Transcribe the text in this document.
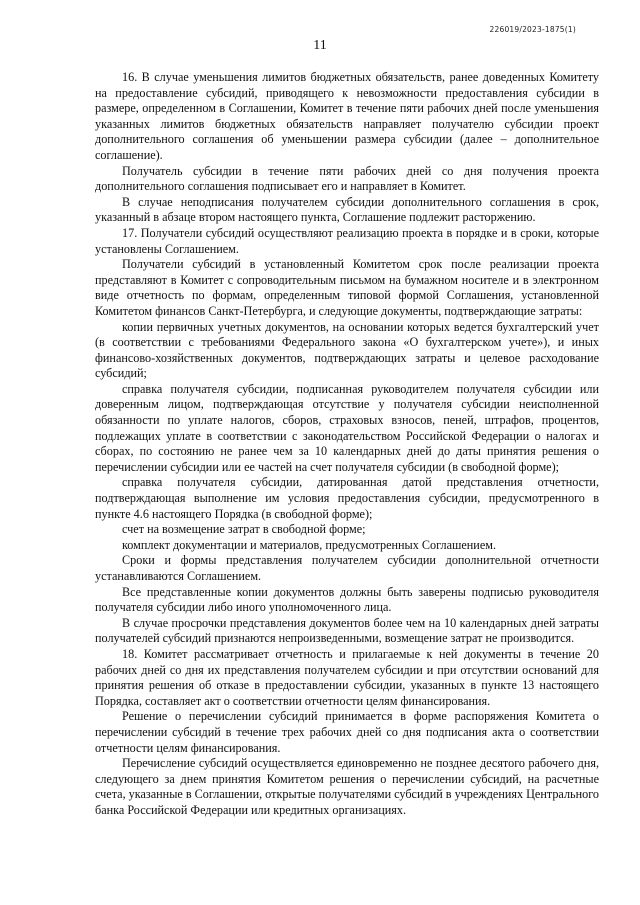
226019/2023-1875(1)
11

16. В случае уменьшения лимитов бюджетных обязательств, ранее доведенных Комитету на предоставление субсидий, приводящего к невозможности предоставления субсидии в размере, определенном в Соглашении, Комитет в течение пяти рабочих дней после уменьшения указанных лимитов бюджетных обязательств направляет получателю субсидии проект дополнительного соглашения об уменьшении размера субсидии (далее – дополнительное соглашение).

Получатель субсидии в течение пяти рабочих дней со дня получения проекта дополнительного соглашения подписывает его и направляет в Комитет.

В случае неподписания получателем субсидии дополнительного соглашения в срок, указанный в абзаце втором настоящего пункта, Соглашение подлежит расторжению.

17. Получатели субсидий осуществляют реализацию проекта в порядке и в сроки, которые установлены Соглашением.

Получатели субсидий в установленный Комитетом срок после реализации проекта представляют в Комитет с сопроводительным письмом на бумажном носителе и в электронном виде отчетность по формам, определенным типовой формой Соглашения, установленной Комитетом финансов Санкт-Петербурга, и следующие документы, подтверждающие затраты:

копии первичных учетных документов, на основании которых ведется бухгалтерский учет (в соответствии с требованиями Федерального закона «О бухгалтерском учете»), и иных финансово-хозяйственных документов, подтверждающих затраты и целевое расходование субсидий;

справка получателя субсидии, подписанная руководителем получателя субсидии или доверенным лицом, подтверждающая отсутствие у получателя субсидии неисполненной обязанности по уплате налогов, сборов, страховых взносов, пеней, штрафов, процентов, подлежащих уплате в соответствии с законодательством Российской Федерации о налогах и сборах, по состоянию не ранее чем за 10 календарных дней до даты принятия решения о перечислении субсидии или ее частей на счет получателя субсидии (в свободной форме);

справка получателя субсидии, датированная датой представления отчетности, подтверждающая выполнение им условия предоставления субсидии, предусмотренного в пункте 4.6 настоящего Порядка (в свободной форме);

счет на возмещение затрат в свободной форме;

комплект документации и материалов, предусмотренных Соглашением.

Сроки и формы представления получателем субсидии дополнительной отчетности устанавливаются Соглашением.

Все представленные копии документов должны быть заверены подписью руководителя получателя субсидии либо иного уполномоченного лица.

В случае просрочки представления документов более чем на 10 календарных дней затраты получателей субсидий признаются непроизведенными, возмещение затрат не производится.

18. Комитет рассматривает отчетность и прилагаемые к ней документы в течение 20 рабочих дней со дня их представления получателем субсидии и при отсутствии оснований для принятия решения об отказе в предоставлении субсидии, указанных в пункте 13 настоящего Порядка, составляет акт о соответствии отчетности целям финансирования.

Решение о перечислении субсидий принимается в форме распоряжения Комитета о перечислении субсидий в течение трех рабочих дней со дня подписания акта о соответствии отчетности целям финансирования.

Перечисление субсидий осуществляется единовременно не позднее десятого рабочего дня, следующего за днем принятия Комитетом решения о перечислении субсидий, на расчетные счета, указанные в Соглашении, открытые получателями субсидий в учреждениях Центрального банка Российской Федерации или кредитных организациях.
